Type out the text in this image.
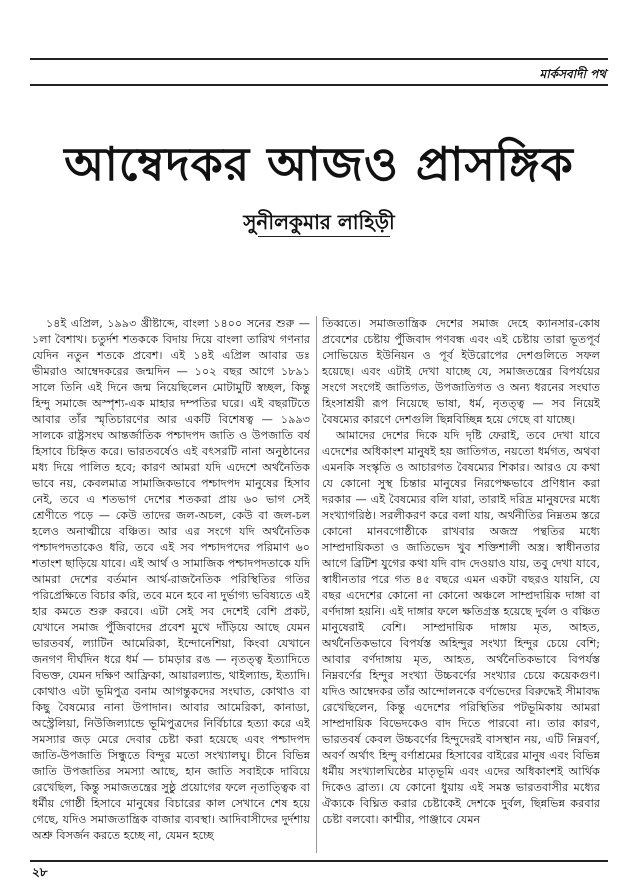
মার্কসবাদী পথ
আম্বেদকর আজও প্রাসঙ্গিক
সুনীলকুমার লাহিড়ী

১৪ই এপ্রিল, ১৯৯৩ খ্রীষ্টাব্দে, বাংলা ১৪০০ সনের শুরু — ১লা বৈশাখ। চতুর্দশ শতককে বিদায় দিয়ে বাংলা তারিখ গণনার যেদিন নতুন শতকে প্রবেশ। এই ১৪ই এপ্রিল আবার ডঃ ভীমরাও আম্বেদকরের জন্মদিন — ১০২ বছর আগে ১৮৯১ সালে তিনি এই দিনে জন্ম নিয়েছিলেন মোটামুটি স্বচ্ছল, কিন্তু হিন্দু সমাজে অস্পৃশ্য-এক মাহার দম্পতির ঘরে। এই বছরটিতে আবার তাঁর স্মৃতিচারণের আর একটি বিশেষত্ব — ১৯৯৩ সালকে রাষ্ট্রসংঘ আন্তর্জাতিক পশ্চাদপদ জাতি ও উপজাতি বর্ষ হিসাবে চিহ্নিত করে। ভারতবর্ষেও এই বৎসরটি নানা অনুষ্ঠানের মধ্য দিয়ে পালিত হবে; কারণ আমরা যদি এদেশে অর্থনৈতিক ভাবে নয়, কেবলমাত্র সামাজিকভাবে পশ্চাদপদ মানুষের হিসাব নেই, তবে এ শতভাগ দেশের শতকরা প্রায় ৬০ ভাগ সেই শ্রেণীতে পড়ে — কেউ তাদের জল-অচল, কেউ বা জল-চল হলেও অনাত্মীয়ে বঞ্চিত। আর এর সংগে যদি অর্থনৈতিক পশ্চাদপদতাকেও ধরি, তবে এই সব পশ্চাদপদের পরিমাণ ৬০ শতাংশ ছাড়িয়ে যাবে। এই আর্থ ও সামাজিক পশ্চাদপদতাকে যদি আমরা দেশের বর্তমান আর্থ-রাজনৈতিক পরিস্থিতির গতির পরিপ্রেক্ষিতে বিচার করি, তবে মনে হবে না দুর্ভাগ্য ভবিষ্যতে এই হার কমতে শুরু করবে। এটা সেই সব দেশেই বেশি প্রকট, যেখানে সমাজ পুঁজিবাদের প্রবেশ মুখে দাঁড়িয়ে আছে যেমন ভারতবর্ষ, ল্যাটিন আমেরিকা, ইন্দোনেশিয়া, কিংবা যেখানে জনগণ দীর্ঘদিন ধরে ধর্ম — চামড়ার রঙ — নৃতত্ত্ব ইত্যাদিতে বিভক্ত, যেমন দক্ষিণ আফ্রিকা, আয়ারল্যান্ড, থাইল্যান্ড, ইত্যাদি। কোথাও এটা ভূমিপুত্র বনাম আগন্তুকদের সংঘাত, কোথাও বা কিছু বৈষম্যের নানা উপাদান। আবার আমেরিকা, কানাডা, অস্ট্রেলিয়া, নিউজিল্যান্ডে ভূমিপুত্রদের নির্বিচারে হত্যা করে এই সমস্যার জড় মেরে দেবার চেষ্টা করা হয়েছে এবং পশ্চাদপদ জাতি-উপজাতি সিন্ধুতে বিন্দুর মতো সংখ্যালঘু। চীনে বিভিন্ন জাতি উপজাতির সমস্যা আছে, হান জাতি সবাইকে দাবিয়ে রেখেছিল, কিন্তু সমাজতন্ত্রের সুষ্ঠু প্রয়োগের ফলে নৃতাত্ত্বিক বা ধর্মীয় গোষ্ঠী হিসাবে মানুষের বিচারের কাল সেখানে শেষ হয়ে গেছে, যদিও সমাজতান্ত্রিক বাজার ব্যবস্থা। আদিবাসীদের দুর্দশায় অশ্রু বিসর্জন করতে হচ্ছে না, যেমন হচ্ছে

তিব্বতে। সমাজতান্ত্রিক দেশের সমাজ দেহে ক্যানসার-কোষ প্রবেশের চেষ্টায় পুঁজিবাদ পণবন্ধ এবং এই চেষ্টায় তারা ভূতপূর্ব সোভিয়েত ইউনিয়ন ও পূর্ব ইউরোপের দেশগুলিতে সফল হয়েছে। এবং এটাই দেখা যাচ্ছে যে, সমাজতন্ত্রের বিপর্যয়ের সংগে সংগেই জাতিগত, উপজাতিগত ও অন্য ধরনের সংঘাত হিংসাশ্রয়ী রূপ নিয়েছে ভাষা, ধর্ম, নৃতত্ত্ব — সব নিয়েই বৈষম্যের কারণে দেশগুলি ছিন্নবিচ্ছিন্ন হয়ে গেছে বা যাচ্ছে।

আমাদের দেশের দিকে যদি দৃষ্টি ফেরাই, তবে দেখা যাবে এদেশের অধিকাংশ মানুষই হয় জাতিগত, নয়তো ধর্মগত, অথবা এমনকি সংস্কৃতি ও আচারগত বৈষম্যের শিকার। আরও যে কথা যে কোনো সুস্থ চিন্তার মানুষের নিরপেক্ষভাবে প্রণিধান করা দরকার — এই বৈষম্যের বলি যারা, তারাই দরিদ্র মানুষদের মধ্যে সংখ্যাগরিষ্ঠ। সরলীকরণ করে বলা যায়, অর্থনীতির নিম্নতম স্তরে কোনো মানবগোষ্ঠীকে রাখবার অজস্র পন্থতির মধ্যে সাম্প্রদায়িকতা ও জাতিভেদ খুব শক্তিশালী অস্ত্র। স্বাধীনতার আগে ব্রিটিশ যুগের কথা যদি বাদ দেওয়াও যায়, তবু দেখা যাবে, স্বাধীনতার পরে গত ৪৫ বছরে এমন একটা বছরও যায়নি, যে বছর এদেশের কোনো না কোনো অঞ্চলে সাম্প্রদায়িক দাঙ্গা বা বর্ণদাঙ্গা হয়নি। এই দাঙ্গার ফলে ক্ষতিগ্রস্ত হয়েছে দুর্বল ও বঞ্চিত মানুষেরাই বেশি। সাম্প্রদায়িক দাঙ্গায় মৃত, আহত, অর্থনৈতিকভাবে বিপর্যস্ত অহিন্দুর সংখ্যা হিন্দুর চেয়ে বেশি; আবার বর্ণদাঙ্গায় মৃত, আহত, অর্থনৈতিকভাবে বিপর্যস্ত নিম্নবর্ণের হিন্দুর সংখ্যা উচ্চবর্ণের সংখ্যার চেয়ে কয়েকগুণ। যদিও আম্বেদকর তাঁর আন্দোলনকে বর্ণভেদের বিরুদ্ধেই সীমাবদ্ধ রেখেছিলেন, কিন্তু এদেশের পরিস্থিতির পটভূমিকায় আমরা সাম্প্রদায়িক বিভেদকেও বাদ দিতে পারবো না। তার কারণ, ভারতবর্ষ কেবল উচ্চবর্ণের হিন্দুদেরই বাসস্থান নয়, এটি নিম্নবর্ণ, অবর্ণ অর্থাৎ হিন্দু বর্ণাশ্রমের হিসাবের বাইরের মানুষ এবং বিভিন্ন ধর্মীয় সংখ্যালঘিষ্ঠের মাতৃভূমি এবং এদের অধিকাংশই আর্থিক দিকেও ব্রাত্য। যে কোনো ধুয়ায় এই সমস্ত ভারতবাসীর মধ্যের ঐক্যকে বিঘ্নিত করার চেষ্টাকেই দেশকে দুর্বল, ছিন্নভিন্ন করবার চেষ্টা বলবো। কাশ্মীর, পাঞ্জাবে যেমন

২৮
